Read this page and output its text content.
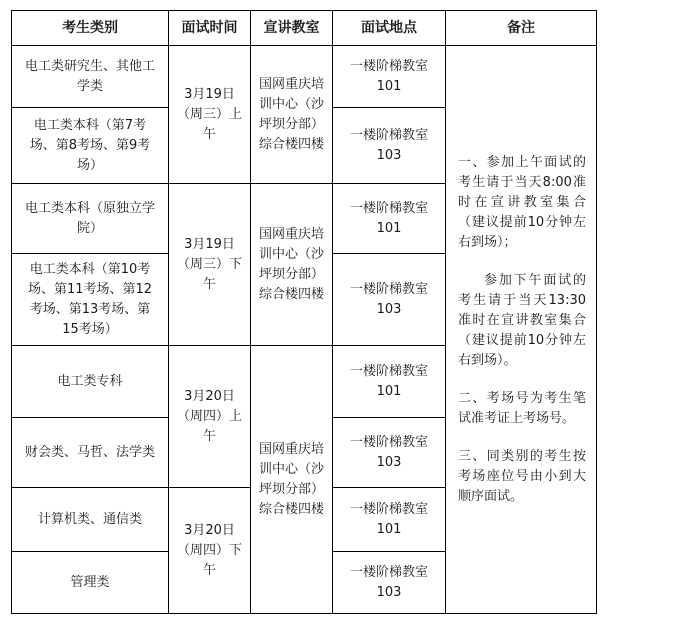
考生类别	面试时间	宣讲教室	面试地点	备注
电工类研究生、其他工学类	3月19日（周三）上午	国网重庆培训中心（沙坪坝分部）综合楼四楼	一楼阶梯教室101	一、参加上午面试的考生请于当天8:00准时在宣讲教室集合（建议提前10分钟左右到场）；

参加下午面试的考生请于当天13:30准时在宣讲教室集合（建议提前10分钟左右到场）。

二、考场号为考生笔试准考证上考场号。

三、同类别的考生按考场座位号由小到大顺序面试。

电工类本科（第7考场、第8考场、第9考场）			一楼阶梯教室103	
电工类本科（原独立学院）	3月19日（周三）下午	国网重庆培训中心（沙坪坝分部）综合楼四楼	一楼阶梯教室101	
电工类本科（第10考场、第11考场、第12考场、第13考场、第15考场）			一楼阶梯教室103	
电工类专科	3月20日（周四）上午	国网重庆培训中心（沙坪坝分部）综合楼四楼	一楼阶梯教室101	
财会类、马哲、法学类			一楼阶梯教室103	
计算机类、通信类	3月20日（周四）下午		一楼阶梯教室101	
管理类			一楼阶梯教室103	
